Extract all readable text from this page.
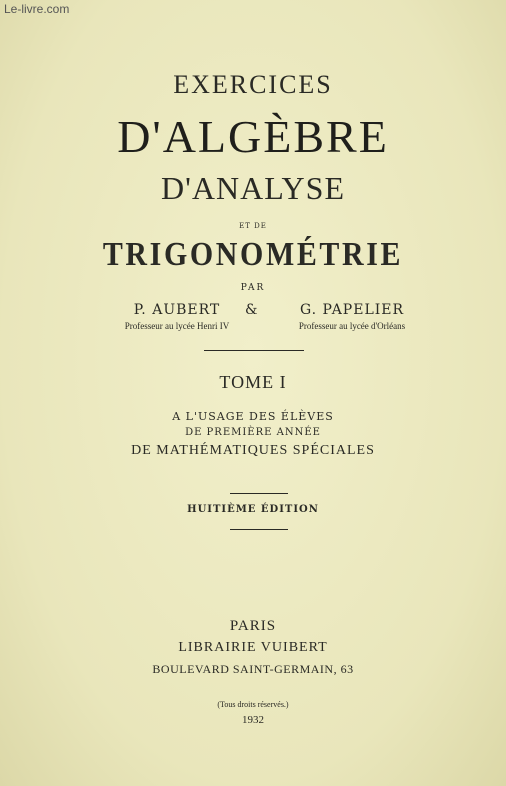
Le-livre.com
EXERCICES
D'ALGÈBRE
D'ANALYSE
ET DE
TRIGONOMÉTRIE
PAR
P. AUBERT
Professeur au lycée Henri IV
&	G. PAPELIER
Professeur au lycée d'Orléans
TOME I
A L'USAGE DES ÉLÈVES
DE PREMIÈRE ANNÉE
DE MATHÉMATIQUES SPÉCIALES
HUITIÈME ÉDITION
PARIS
LIBRAIRIE VUIBERT
BOULEVARD SAINT-GERMAIN, 63
(Tous droits réservés.)
1932
